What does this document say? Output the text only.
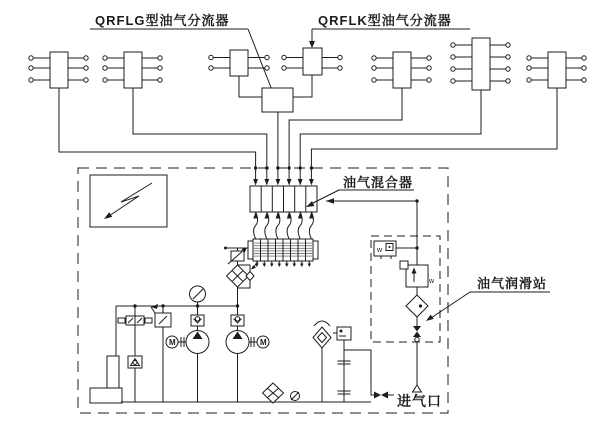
QRFLG型油气分流器	QRFLK型油气分流器
油气混合器
w
w	油气润滑站
M	M
进气口
